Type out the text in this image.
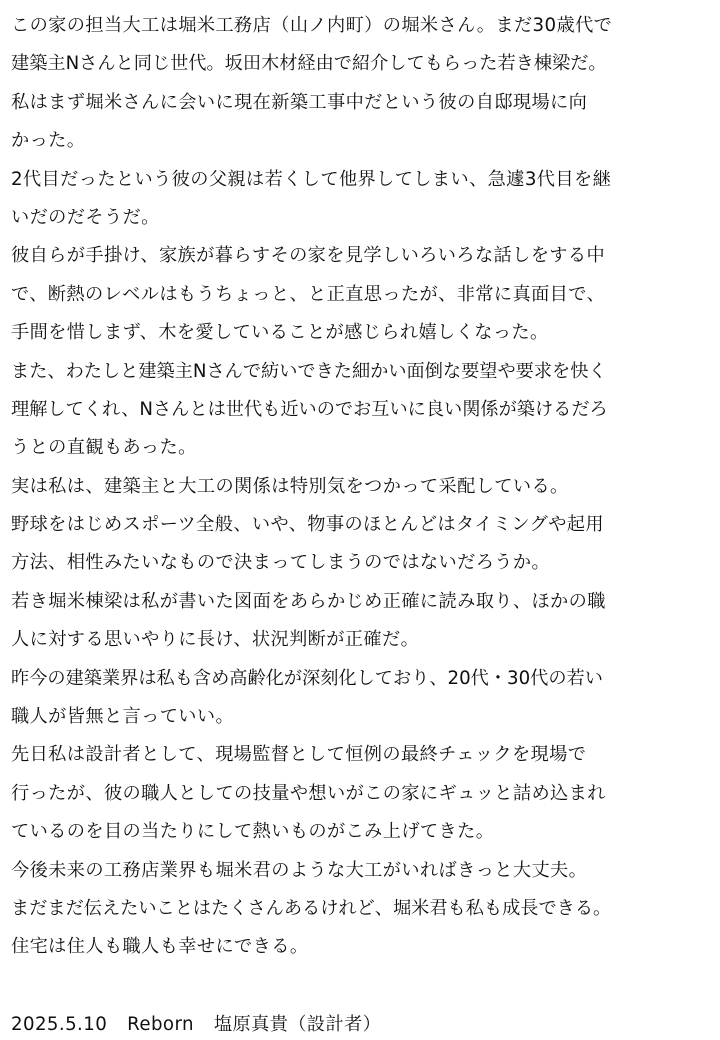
この家の担当大工は堀米工務店（山ノ内町）の堀米さん。まだ30歳代で
建築主Nさんと同じ世代。坂田木材経由で紹介してもらった若き棟梁だ。
私はまず堀米さんに会いに現在新築工事中だという彼の自邸現場に向
かった。
2代目だったという彼の父親は若くして他界してしまい、急遽3代目を継
いだのだそうだ。
彼自らが手掛け、家族が暮らすその家を見学しいろいろな話しをする中
で、断熱のレベルはもうちょっと、と正直思ったが、非常に真面目で、
手間を惜しまず、木を愛していることが感じられ嬉しくなった。
また、わたしと建築主Nさんで紡いできた細かい面倒な要望や要求を快く
理解してくれ、Nさんとは世代も近いのでお互いに良い関係が築けるだろ
うとの直観もあった。
実は私は、建築主と大工の関係は特別気をつかって采配している。
野球をはじめスポーツ全般、いや、物事のほとんどはタイミングや起用
方法、相性みたいなもので決まってしまうのではないだろうか。
若き堀米棟梁は私が書いた図面をあらかじめ正確に読み取り、ほかの職
人に対する思いやりに長け、状況判断が正確だ。
昨今の建築業界は私も含め高齢化が深刻化しており、20代・30代の若い
職人が皆無と言っていい。
先日私は設計者として、現場監督として恒例の最終チェックを現場で
行ったが、彼の職人としての技量や想いがこの家にギュッと詰め込まれ
ているのを目の当たりにして熱いものがこみ上げてきた。
今後未来の工務店業界も堀米君のような大工がいればきっと大丈夫。
まだまだ伝えたいことはたくさんあるけれど、堀米君も私も成長できる。
住宅は住人も職人も幸せにできる。
2025.5.10 Reborn 塩原真貴（設計者）
